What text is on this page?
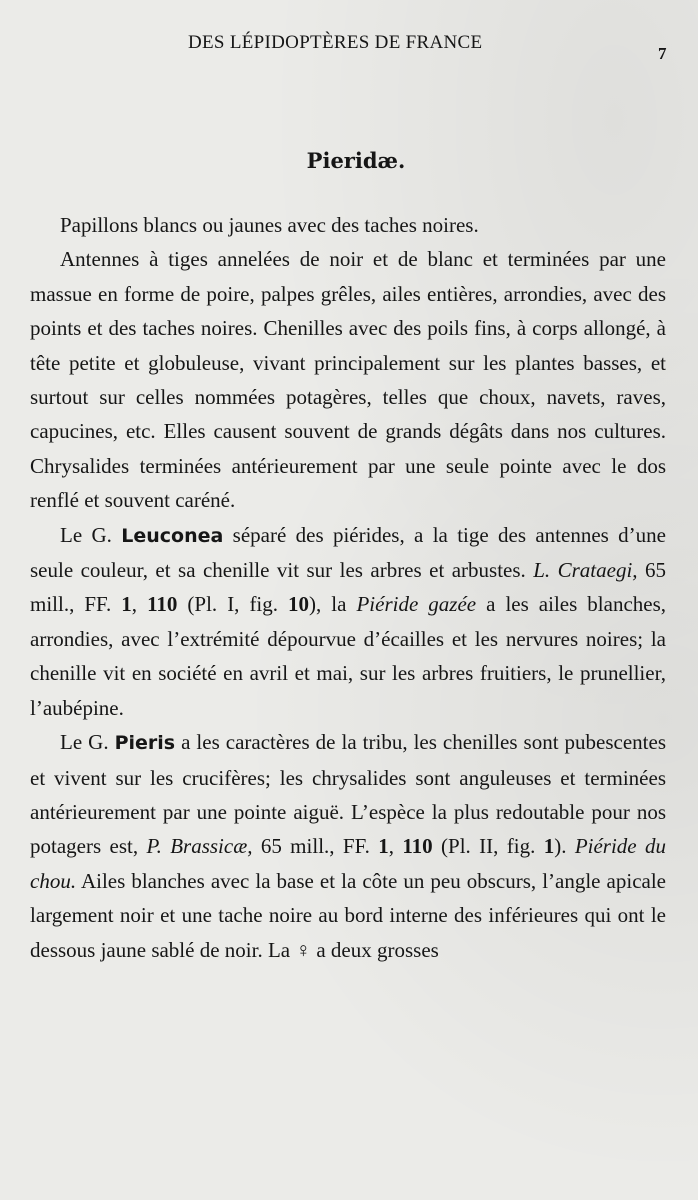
DES LÉPIDOPTÈRES DE FRANCE
7
Pieridæ.

Papillons blancs ou jaunes avec des taches noires.

Antennes à tiges annelées de noir et de blanc et terminées par une massue en forme de poire, palpes grêles, ailes entières, arrondies, avec des points et des taches noires. Chenilles avec des poils fins, à corps allongé, à tête petite et globuleuse, vivant principalement sur les plantes basses, et surtout sur celles nommées potagères, telles que choux, navets, raves, capucines, etc. Elles causent souvent de grands dégâts dans nos cultures. Chrysalides terminées antérieurement par une seule pointe avec le dos renflé et souvent caréné.

Le G. Leuconea séparé des piérides, a la tige des antennes d’une seule couleur, et sa chenille vit sur les arbres et arbustes. L. Crataegi, 65 mill., FF. 1, 110 (Pl. I, fig. 10), la Piéride gazée a les ailes blanches, arrondies, avec l’extrémité dépourvue d’écailles et les nervures noires; la chenille vit en société en avril et mai, sur les arbres fruitiers, le prunellier, l’aubépine.

Le G. Pieris a les caractères de la tribu, les chenilles sont pubescentes et vivent sur les crucifères; les chrysalides sont anguleuses et terminées antérieurement par une pointe aiguë. L’espèce la plus redoutable pour nos potagers est, P. Brassicæ, 65 mill., FF. 1, 110 (Pl. II, fig. 1). Piéride du chou. Ailes blanches avec la base et la côte un peu obscurs, l’angle apicale largement noir et une tache noire au bord interne des inférieures qui ont le dessous jaune sablé de noir. La ♀ a deux grosses
